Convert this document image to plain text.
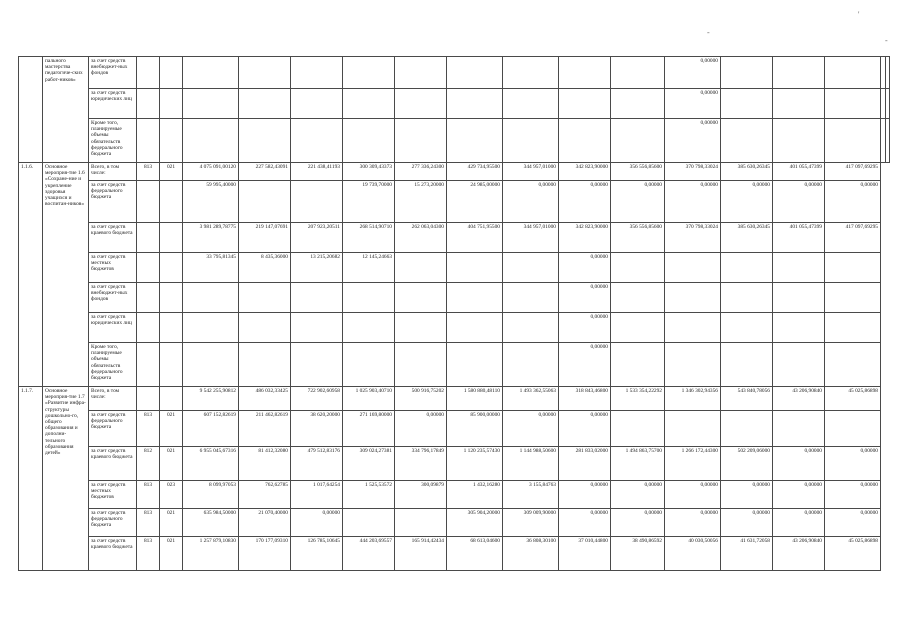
'
-
-
	пального мастерства педагогиче-ских работ-ников»	за счет средств внебюджет-ных фондов												0,00000					
		за счет средств юридических лиц												0,00000					
		Кроме того, планируемые объемы обязательств федерального бюджета												0,00000					
1.1.6.	Основное мероприя-тие 1.6 «Сохране-ние и укрепление здоровья учащихся и воспитан-ников»	Всего, в том числе:	813	021	4 075 091,00120	227 582,43091	221 438,41193	300 309,43373	277 336,24300	429 734,95500	344 957,01000	342 823,90000	356 556,85600	370 798,33024	385 630,26345	401 055,47399	417 097,69295		
		за счет средств федерального бюджета			59 995,40000			19 739,70000	15 273,20000	24 985,00000	0,00000	0,00000	0,00000	0,00000	0,00000	0,00000	0,00000		
		за счет средств краевого бюджета			3 981 289,78775	219 147,07691	207 923,20511	268 514,90710	262 063,04300	404 751,95500	344 957,01000	342 823,90000	356 556,85600	370 798,33024	385 630,26345	401 055,47399	417 097,69295		
		за счет средств местных бюджетов			33 795,81345	8 435,36000	13 215,20682	12 145,24663				0,00000							
		за счет средств внебюджет-ных фондов										0,00000							
		за счет средств юридических лиц										0,00000							
		Кроме того, планируемые объемы обязательств федерального бюджета										0,00000							
1.1.7.	Основное мероприя-тие 1.7 «Развитие инфра-структуры дошкольно-го, общего образования и дополни-тельного образования детей»	Всего, в том числе:			9 542 255,90812	486 032,33425	722 902,60958	1 025 903,40710	500 916,75202	1 580 880,48110	1 493 362,55063	318 843,46800	1 533 354,22292	1 346 302,94356	543 840,78056	43 206,90840	45 025,86898		
		за счет средств федерального бюджета	813	021	607 152,82619	211 462,82619	38 620,20000	271 169,80000	0,00000	85 900,00000	0,00000	0,00000							
		за счет средств краевого бюджета	812	021	6 955 045,67316	81 412,32080	479 512,83176	309 024,27381	334 796,17849	1 120 235,57430	1 144 988,50600	281 833,02000	1 494 863,75700	1 266 172,44300	502 209,06000	0,00000	0,00000		
		за счет средств местных бюджетов	813	023	8 099,97053	762,62785	1 017,64254	1 525,53572	300,09879	1 432,16280	3 155,84763	0,00000	0,00000	0,00000	0,00000	0,00000	0,00000		
		за счет средств федерального бюджета	813	021	635 984,50000	21 070,40000	0,00000			305 904,20000	309 009,90000	0,00000	0,00000	0,00000	0,00000	0,00000	0,00000		
		за счет средств краевого бюджета	813	021	1 257 879,10830	170 177,09310	126 785,10645	444 203,69557	165 914,42434	68 613,04600	36 808,30100	37 010,44800	38 490,86592	40 030,50056	41 631,72058	43 206,90840	45 025,86898		
